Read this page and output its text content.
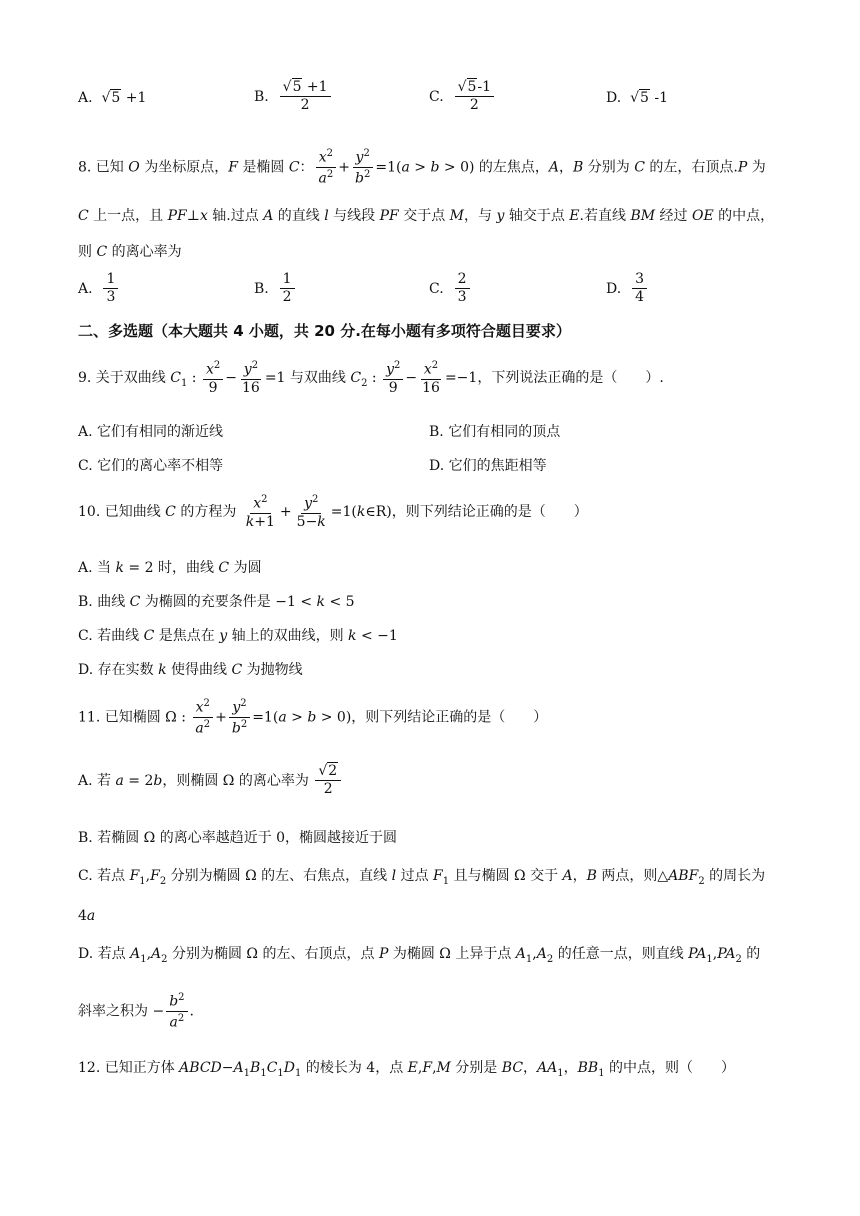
A.  √5 +1	B. $\frac{√5 +1}{2}$	C. $\frac{√5-1}{2}$	D.  √5 -1
8. 已知 O 为坐标原点，F 是椭圆 C： $\frac{x^2}{a^2} + \frac{y^2}{b^2} =1(a > b > 0)$ 的左焦点，A，B 分别为 C 的左，右顶点.P 为
C 上一点，且 PF⊥x 轴.过点 A 的直线 l 与线段 PF 交于点 M，与 y 轴交于点 E.若直线 BM 经过 OE 的中点，
则 C 的离心率为
A. $\frac{1}{3}$	B. $\frac{1}{2}$	C. $\frac{2}{3}$	D. $\frac{3}{4}$
二、多选题（本大题共 4 小题，共 20 分.在每小题有多项符合题目要求）
9. 关于双曲线 $C_1$ : $\frac{x^2}{9} - \frac{y^2}{16} =1$ 与双曲线 $C_2$ : $\frac{y^2}{9} - \frac{x^2}{16} =-1$，下列说法正确的是（　　）.
A. 它们有相同的渐近线	B. 它们有相同的顶点
C. 它们的离心率不相等	D. 它们的焦距相等
10. 已知曲线 C 的方程为 $\frac{x^2}{k+1} + \frac{y^2}{5-k}$ =1(k∈R)，则下列结论正确的是（　　）
A. 当 k = 2 时，曲线 C 为圆
B. 曲线 C 为椭圆的充要条件是 −1 < k < 5
C. 若曲线 C 是焦点在 y 轴上的双曲线，则 k < −1
D. 存在实数 k 使得曲线 C 为抛物线
11. 已知椭圆 Ω : $\frac{x^2}{a^2} + \frac{y^2}{b^2} =1(a > b > 0)$，则下列结论正确的是（　　）
A. 若 a = 2b，则椭圆 Ω 的离心率为 $\frac{√2}{2}$
B. 若椭圆 Ω 的离心率越趋近于 0，椭圆越接近于圆
C. 若点 $F_1,F_2$ 分别为椭圆 Ω 的左、右焦点，直线 l 过点 $F_1$ 且与椭圆 Ω 交于 A，B 两点，则$\triangle ABF_2$ 的周长为
4a
D. 若点 $A_1,A_2$ 分别为椭圆 Ω 的左、右顶点，点 P 为椭圆 Ω 上异于点 $A_1,A_2$ 的任意一点，则直线 $PA_1,PA_2$ 的
斜率之积为 − $\frac{b^2}{a^2}$ .
12. 已知正方体 $ABCD-A_1B_1C_1D_1$ 的棱长为 4，点 E,F,M 分别是 BC，$AA_1$，$BB_1$ 的中点，则（　　）
